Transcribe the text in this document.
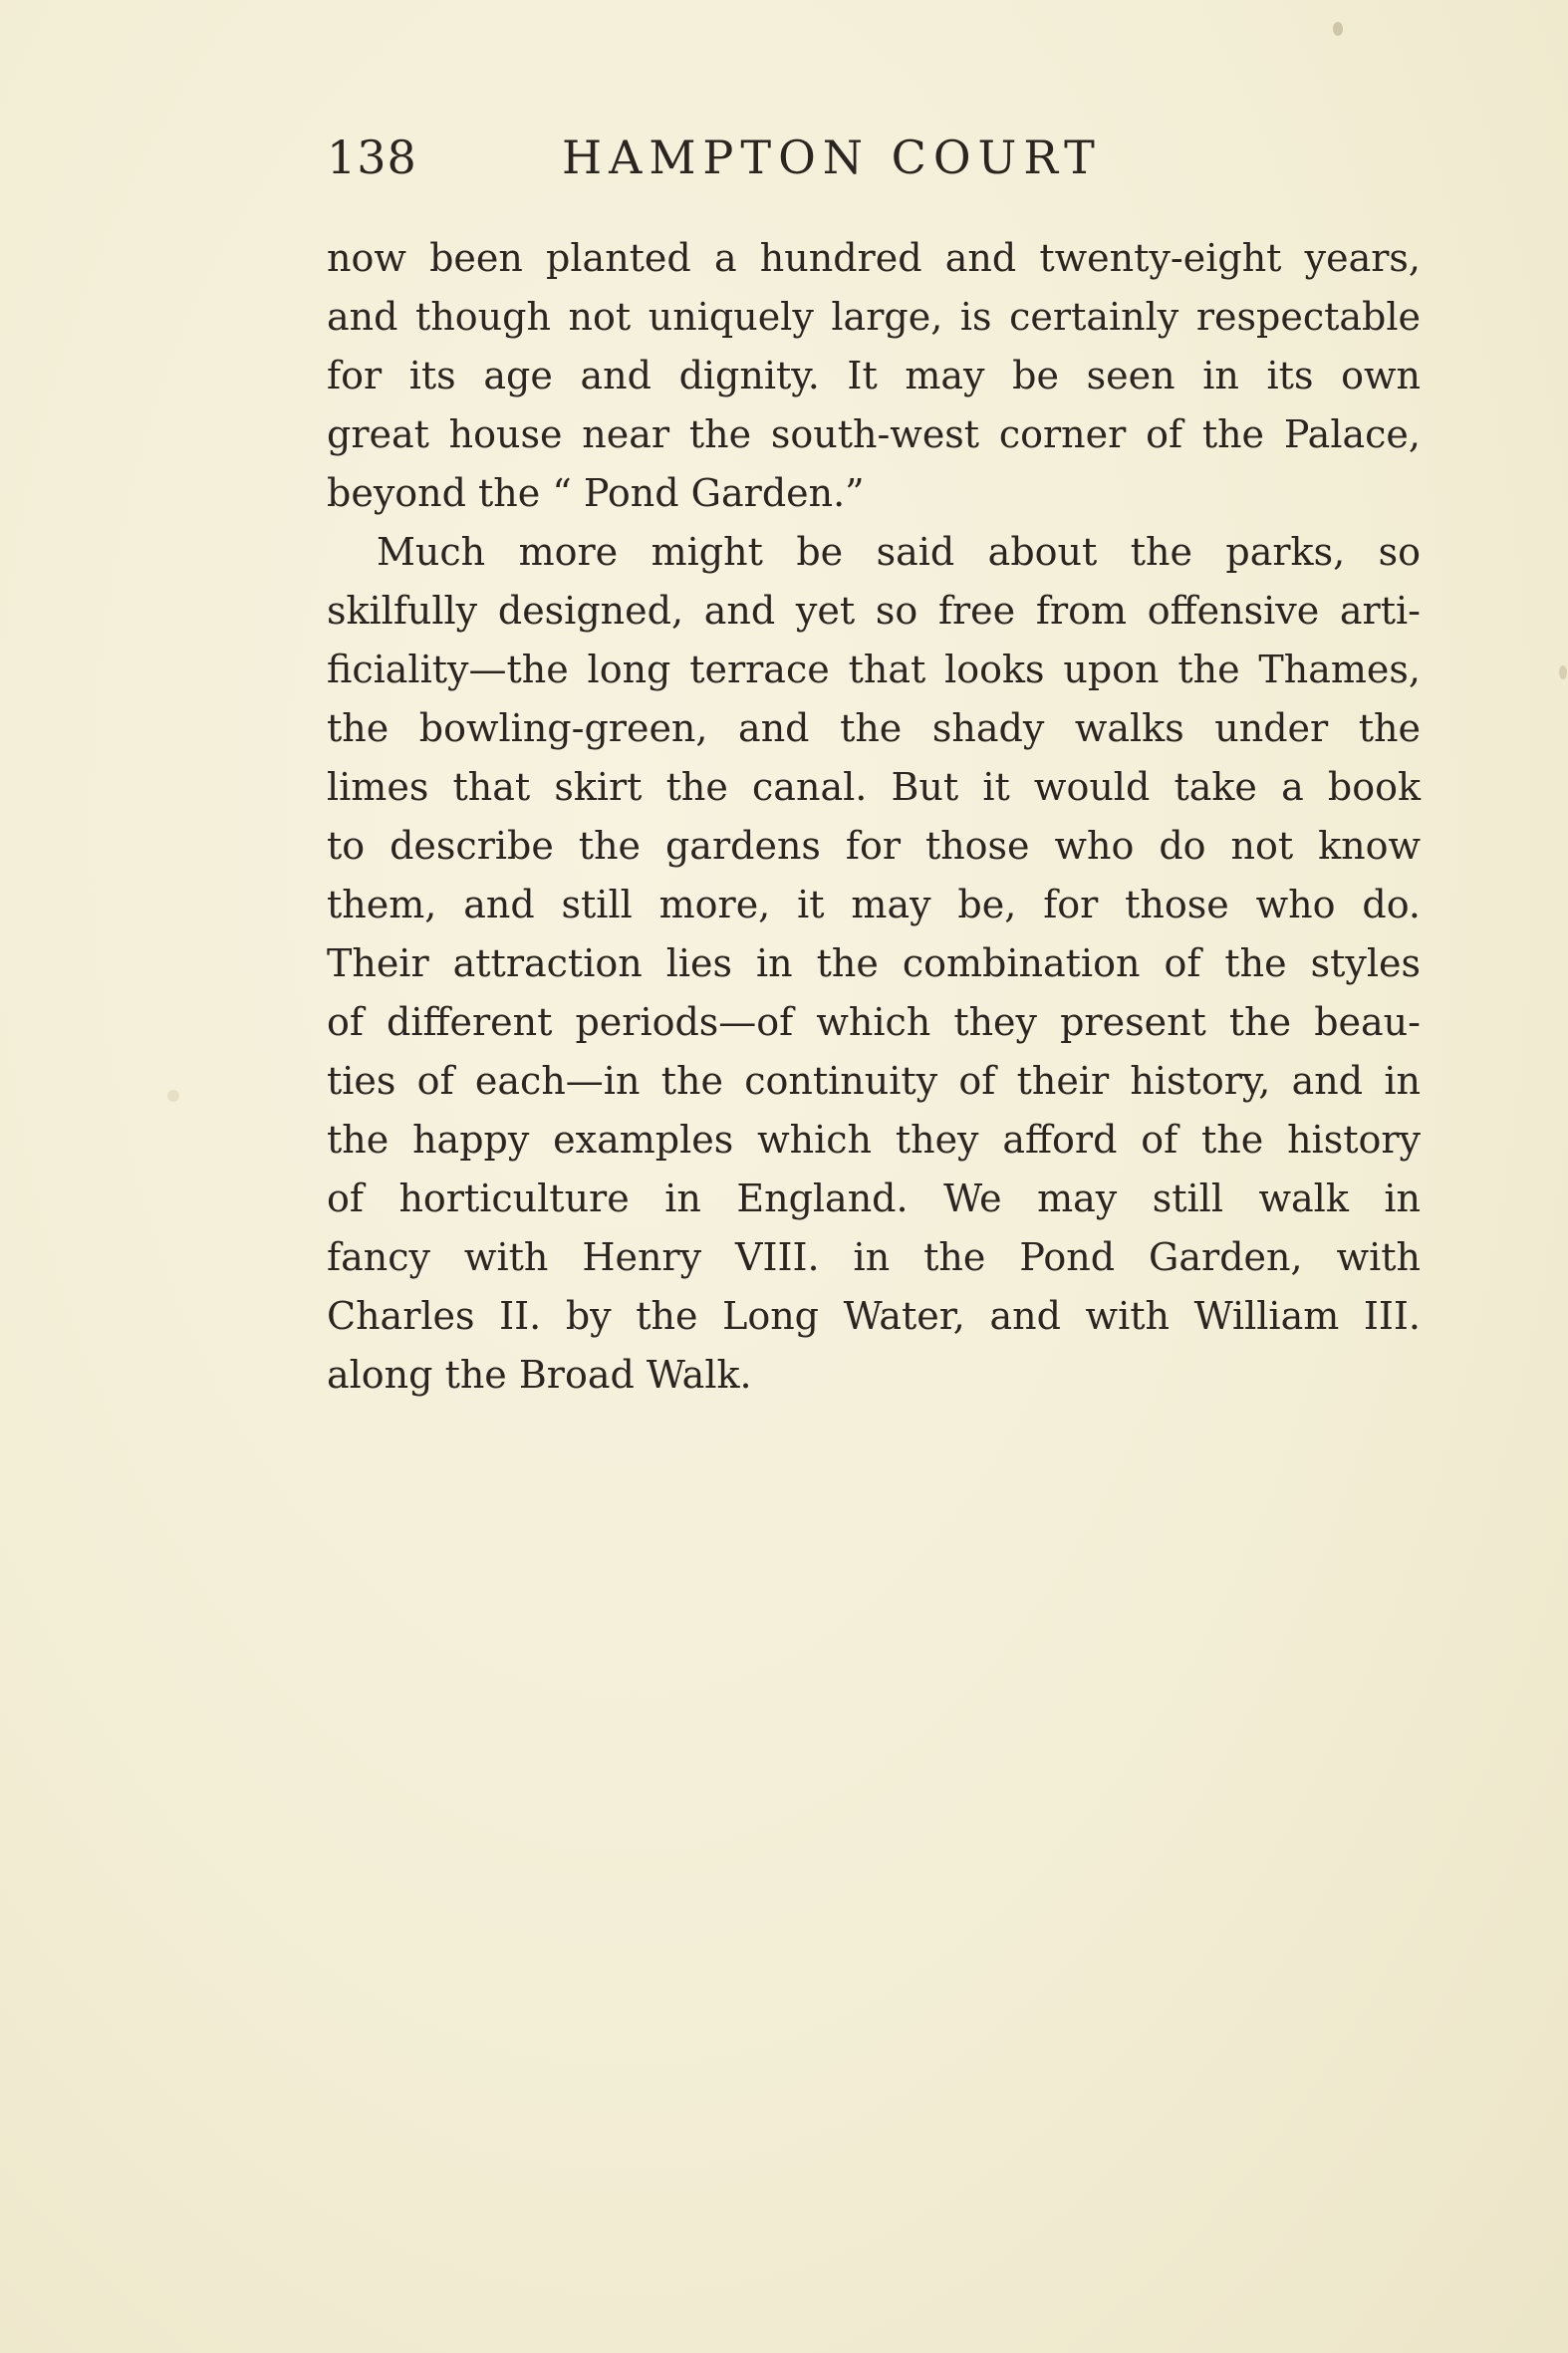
138	HAMPTON COURT
now been planted a hundred and twenty-eight years,
and though not uniquely large, is certainly respectable
for its age and dignity. It may be seen in its own
great house near the south-west corner of the Palace,
beyond the “ Pond Garden.”
Much more might be said about the parks, so
skilfully designed, and yet so free from offensive arti-
ficiality—the long terrace that looks upon the Thames,
the bowling-green, and the shady walks under the
limes that skirt the canal. But it would take a book
to describe the gardens for those who do not know
them, and still more, it may be, for those who do.
Their attraction lies in the combination of the styles
of different periods—of which they present the beau-
ties of each—in the continuity of their history, and in
the happy examples which they afford of the history
of horticulture in England. We may still walk in
fancy with Henry VIII. in the Pond Garden, with
Charles II. by the Long Water, and with William III.
along the Broad Walk.
